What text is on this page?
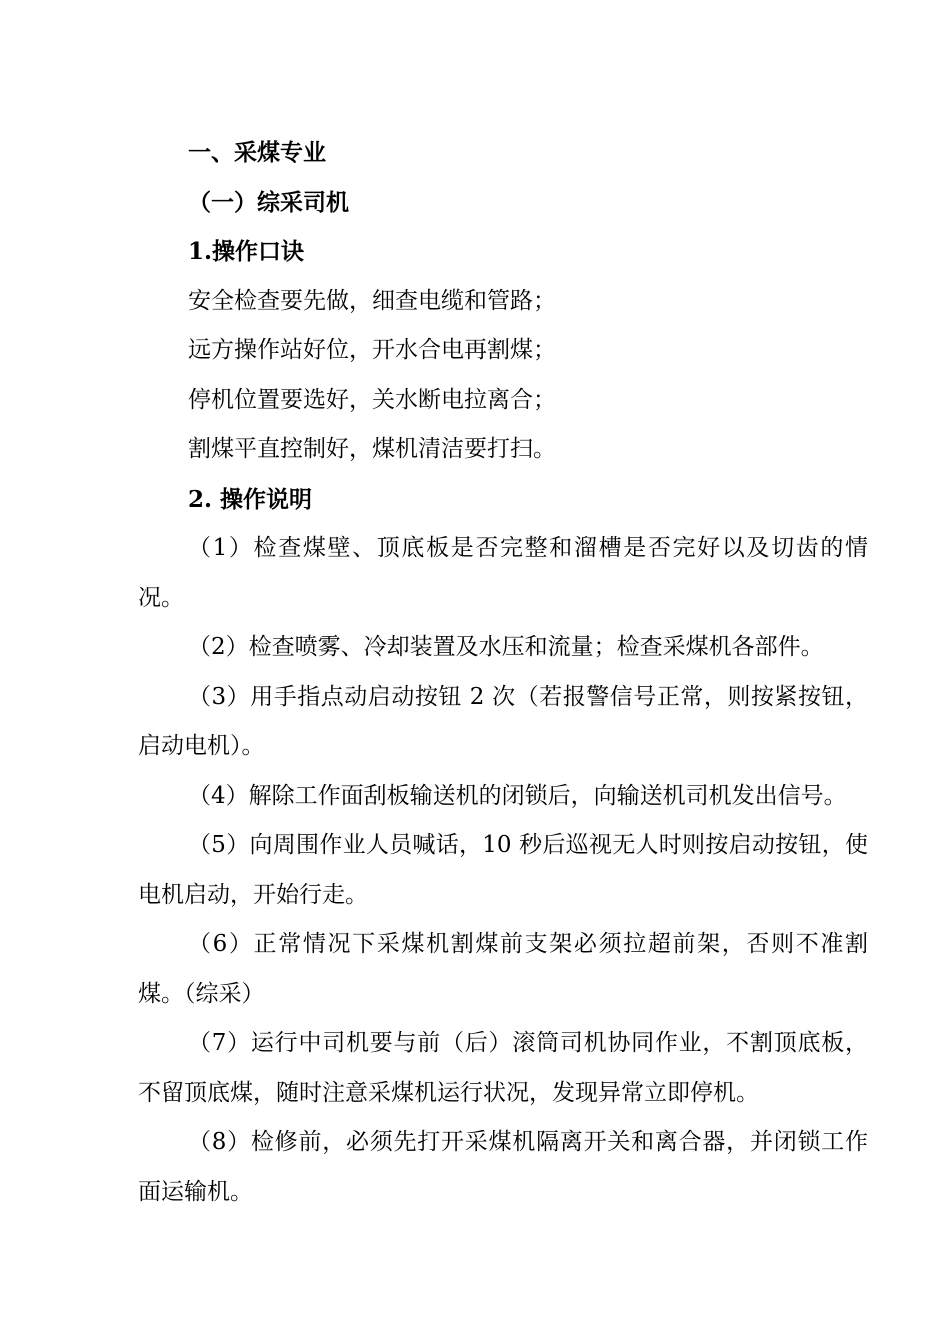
一、采煤专业

（一）综采司机

1.操作口诀

安全检查要先做，细查电缆和管路；

远方操作站好位，开水合电再割煤；

停机位置要选好，关水断电拉离合；

割煤平直控制好，煤机清洁要打扫。

2. 操作说明

（1）检查煤壁、顶底板是否完整和溜槽是否完好以及切齿的情况。

（2）检查喷雾、冷却装置及水压和流量；检查采煤机各部件。

（3）用手指点动启动按钮 2 次（若报警信号正常，则按紧按钮，启动电机）。

（4）解除工作面刮板输送机的闭锁后，向输送机司机发出信号。

（5）向周围作业人员喊话，10 秒后巡视无人时则按启动按钮，使电机启动，开始行走。

（6）正常情况下采煤机割煤前支架必须拉超前架，否则不准割煤。（综采）

（7）运行中司机要与前（后）滚筒司机协同作业，不割顶底板，不留顶底煤，随时注意采煤机运行状况，发现异常立即停机。

（8）检修前，必须先打开采煤机隔离开关和离合器，并闭锁工作面运输机。
